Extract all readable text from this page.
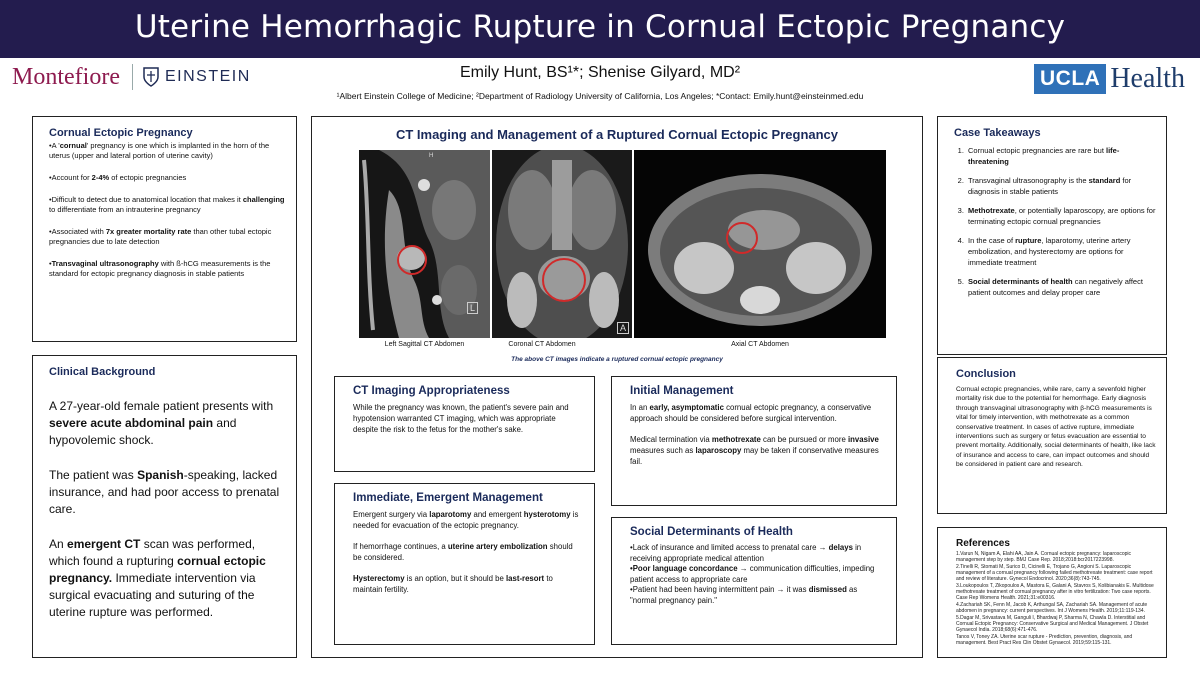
Uterine Hemorrhagic Rupture in Cornual Ectopic Pregnancy
Montefiore	EINSTEIN	Emily Hunt, BS¹*; Shenise Gilyard, MD²
¹Albert Einstein College of Medicine; ²Department of Radiology University of California, Los Angeles; *Contact: Emily.hunt@einsteinmed.edu
UCLA Health
Cornual Ectopic Pregnancy

•A 'cornual' pregnancy is one which is implanted in the horn of the uterus (upper and lateral portion of uterine cavity)

•Account for 2-4% of ectopic pregnancies

•Difficult to detect due to anatomical location that makes it challenging to differentiate from an intrauterine pregnancy

•Associated with 7x greater mortality rate than other tubal ectopic pregnancies due to late detection

•Transvaginal ultrasonography with ß-hCG measurements is the standard for ectopic pregnancy diagnosis in stable patients

Clinical Background

A 27-year-old female patient presents with severe acute abdominal pain and hypovolemic shock.

The patient was Spanish-speaking, lacked insurance, and had poor access to prenatal care.

An emergent CT scan was performed, which found a rupturing cornual ectopic pregnancy. Immediate intervention via surgical evacuating and suturing of the uterine rupture was performed.

CT Imaging and Management of a Ruptured Cornual Ectopic Pregnancy
H
L
A
Left Sagittal CT Abdomen	Coronal CT Abdomen	Axial CT Abdomen
The above CT images indicate a ruptured cornual ectopic pregnancy
CT Imaging Appropriateness
While the pregnancy was known, the patient's severe pain and hypotension warranted CT imaging, which was appropriate despite the risk to the fetus for the mother's sake.
Immediate, Emergent Management

Emergent surgery via laparotomy and emergent hysterotomy is needed for evacuation of the ectopic pregnancy.

If hemorrhage continues, a uterine artery embolization should be considered.

Hysterectomy is an option, but it should be last-resort to maintain fertility.

Initial Management

In an early, asymptomatic cornual ectopic pregnancy, a conservative approach should be considered before surgical intervention.

Medical termination via methotrexate can be pursued or more invasive measures such as laparoscopy may be taken if conservative measures fail.

Social Determinants of Health
•Lack of insurance and limited access to prenatal care → delays in receiving appropriate medical attention
•Poor language concordance → communication difficulties, impeding patient access to appropriate care
•Patient had been having intermittent pain → it was dismissed as "normal pregnancy pain."
Case Takeaways
1. Cornual ectopic pregnancies are rare but life-threatening
2. Transvaginal ultrasonography is the standard for diagnosis in stable patients
3. Methotrexate, or potentially laparoscopy, are options for terminating ectopic cornual pregnancies
4. In the case of rupture, laparotomy, uterine artery embolization, and hysterectomy are options for immediate treatment
5. Social determinants of health can negatively affect patient outcomes and delay proper care
Conclusion
Cornual ectopic pregnancies, while rare, carry a sevenfold higher mortality risk due to the potential for hemorrhage. Early diagnosis through transvaginal ultrasonography with β-hCG measurements is vital for timely intervention, with methotrexate as a common conservative treatment. In cases of active rupture, immediate interventions such as surgery or fetus evacuation are essential to prevent mortality. Additionally, social determinants of health, like lack of insurance and access to care, can impact outcomes and should be considered in patient care and research.
References
1.Varun N, Nigam A, Elahi AA, Jain A. Cornual ectopic pregnancy: laparoscopic management step by step. BMJ Case Rep. 2018;2018:bcr2017223998.
2.Tinelli R, Stomati M, Surico D, Cicinelli E, Trojano G, Angioni S. Laparoscopic management of a cornual pregnancy following failed methotrexate treatment: case report and review of literature. Gynecol Endocrinol. 2020;36(8):743-745.
3.Loukopoulos T, Zikopoulos A, Mastora E, Galani A, Stavros S, Kolibianakis E. Multidose methotrexate treatment of cornual pregnancy after in vitro fertilization: Two case reports. Case Rep Womens Health. 2021;31:e00316.
4.Zachariah SK, Fenn M, Jacob K, Arthungal SA, Zachariah SA. Management of acute abdomen in pregnancy: current perspectives. Int J Womens Health. 2019;11:119-134.
5.Dagar M, Srivastava M, Ganguli I, Bhardwaj P, Sharma N, Chawla D. Interstitial and Cornual Ectopic Pregnancy: Conservative Surgical and Medical Management. J Obstet Gynaecol India. 2018;68(6):471-476.
Tanos V, Toney ZA. Uterine scar rupture - Prediction, prevention, diagnosis, and management. Best Pract Res Clin Obstet Gynaecol. 2019;59:115-131.
